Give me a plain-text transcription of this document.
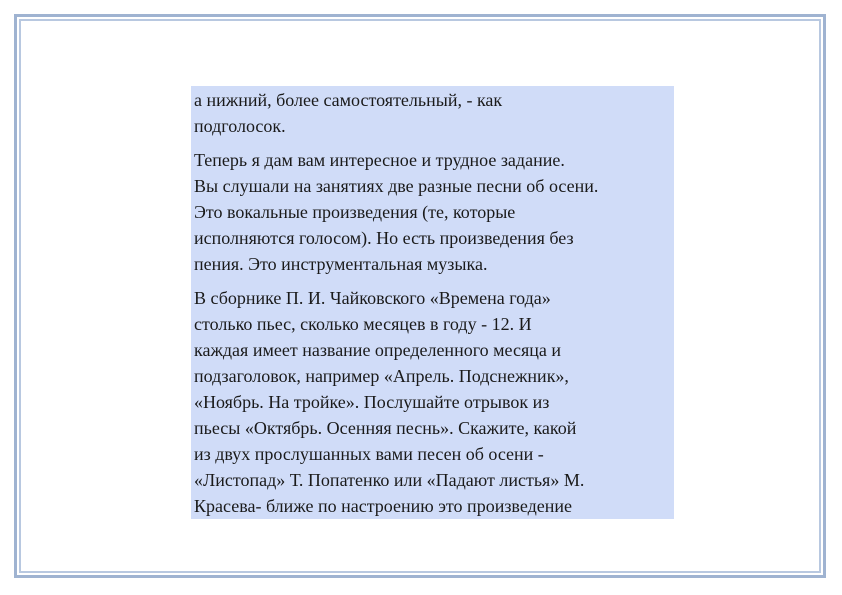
а нижний, более самостоятельный, - как
подголосок.

Теперь я дам вам интересное и трудное задание.
Вы слушали на занятиях две разные песни об осени.
Это вокальные произведения (те, которые
исполняются голосом). Но есть произведения без
пения. Это инструментальная музыка.

В сборнике П. И. Чайковского «Времена года»
столько пьес, сколько месяцев в году - 12. И
каждая имеет название определенного месяца и
подзаголовок, например «Апрель. Подснежник»,
«Ноябрь. На тройке». Послушайте отрывок из
пьесы «Октябрь. Осенняя песнь». Скажите, какой
из двух прослушанных вами песен об осени -
«Листопад» Т. Попатенко или «Падают листья» М.
Красева- ближе по настроению это произведение
